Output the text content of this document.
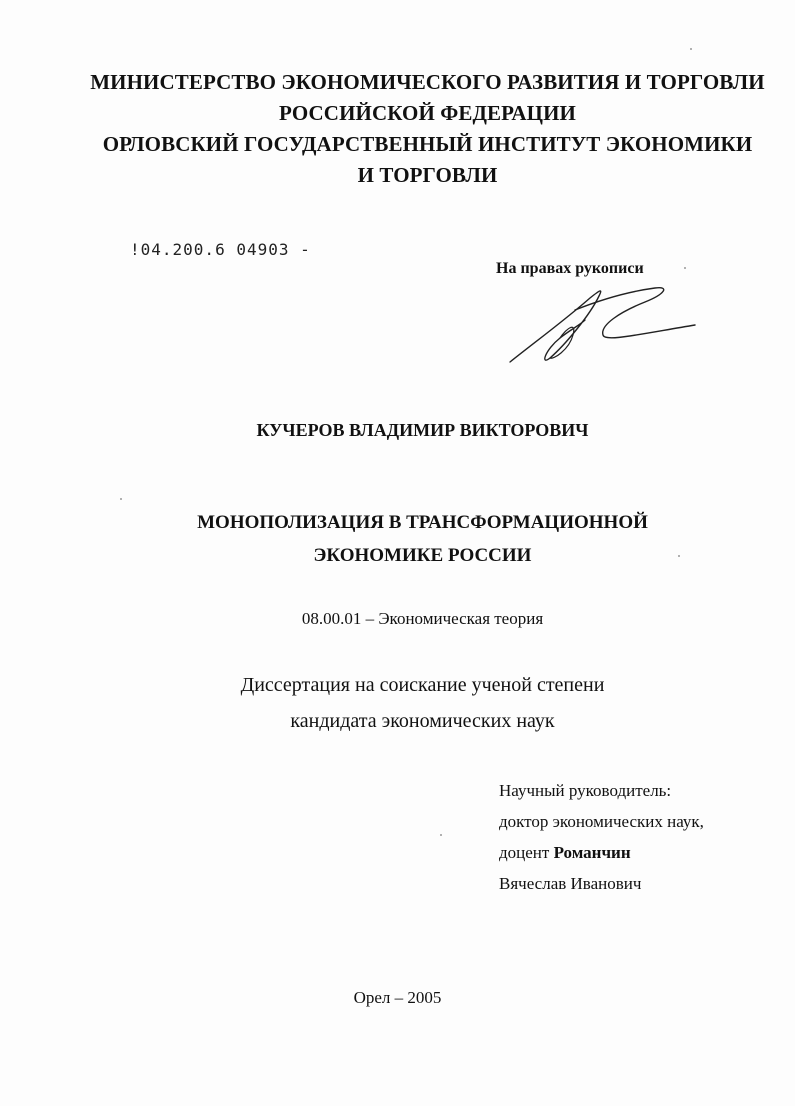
МИНИСТЕРСТВО ЭКОНОМИЧЕСКОГО РАЗВИТИЯ И ТОРГОВЛИ
РОССИЙСКОЙ ФЕДЕРАЦИИ
ОРЛОВСКИЙ ГОСУДАРСТВЕННЫЙ ИНСТИТУТ ЭКОНОМИКИ
И ТОРГОВЛИ
!04.200.6 04903 -
На правах рукописи
КУЧЕРОВ ВЛАДИМИР ВИКТОРОВИЧ
МОНОПОЛИЗАЦИЯ В ТРАНСФОРМАЦИОННОЙ
ЭКОНОМИКЕ РОССИИ
08.00.01 – Экономическая теория
Диссертация на соискание ученой степени
кандидата экономических наук
Научный руководитель:
доктор экономических наук,
доцент Романчин
Вячеслав Иванович
Орел – 2005
